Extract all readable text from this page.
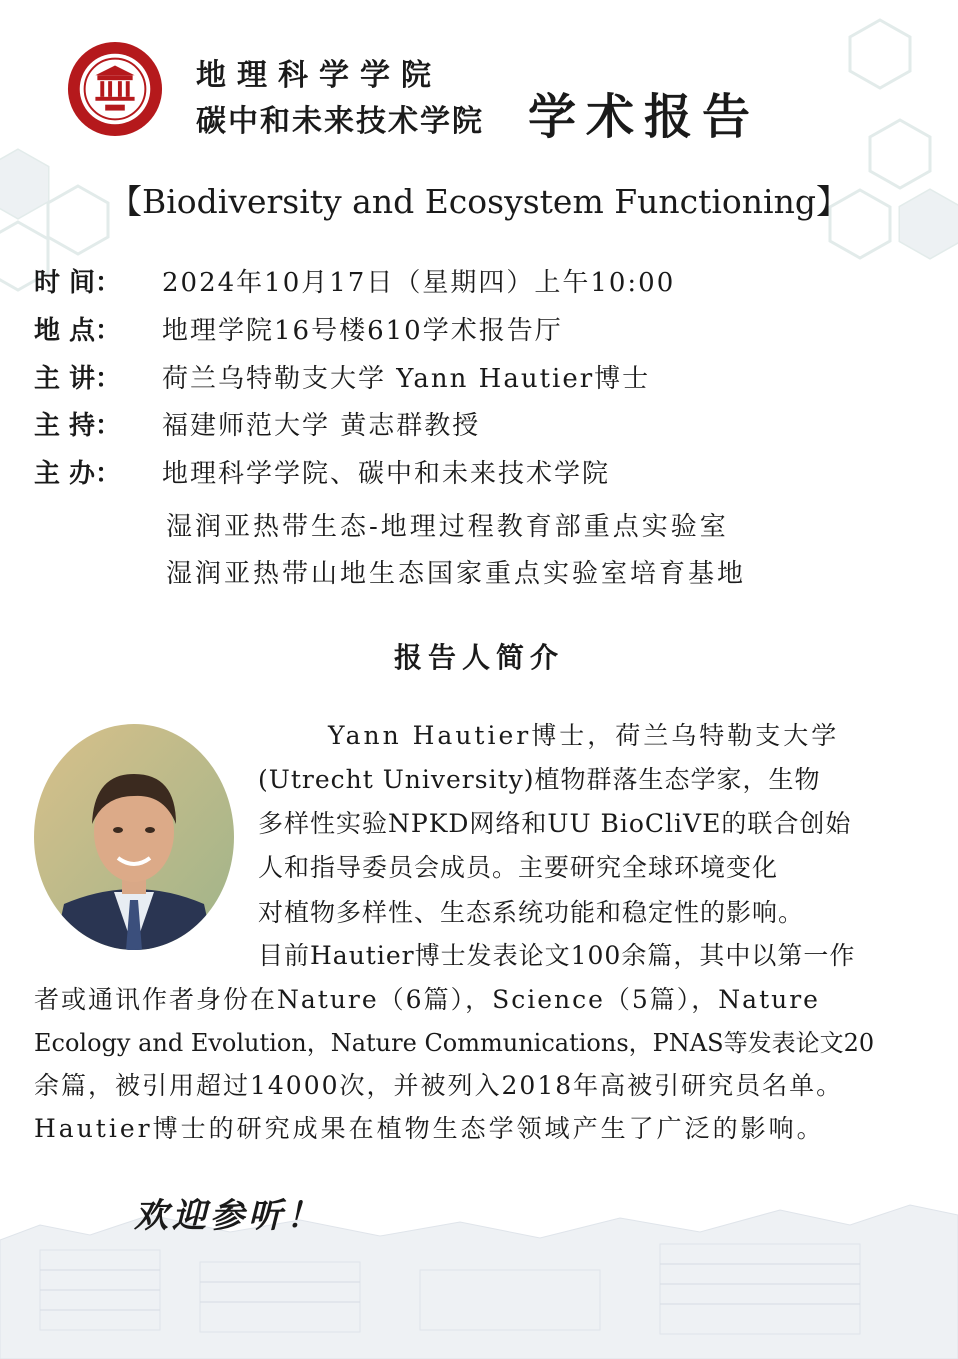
地理科学学院
碳中和未来技术学院 学术报告
【Biodiversity and Ecosystem Functioning】
时 间： 2024年10月17日（星期四）上午10:00
地 点： 地理学院16号楼610学术报告厅
主 讲： 荷兰乌特勒支大学 Yann Hautier博士
主 持： 福建师范大学 黄志群教授
主 办： 地理科学学院、碳中和未来技术学院
湿润亚热带生态-地理过程教育部重点实验室
湿润亚热带山地生态国家重点实验室培育基地
报告人简介
Yann Hautier博士，荷兰乌特勒支大学
(Utrecht University)植物群落生态学家，生物
多样性实验NPKD网络和UU BioCliVE的联合创始
人和指导委员会成员。主要研究全球环境变化
对植物多样性、生态系统功能和稳定性的影响。
目前Hautier博士发表论文100余篇，其中以第一作
者或通讯作者身份在Nature（6篇），Science（5篇），Nature
Ecology and Evolution，Nature Communications，PNAS等发表论文20
余篇，被引用超过14000次，并被列入2018年高被引研究员名单。
Hautier博士的研究成果在植物生态学领域产生了广泛的影响。
欢迎参听！
